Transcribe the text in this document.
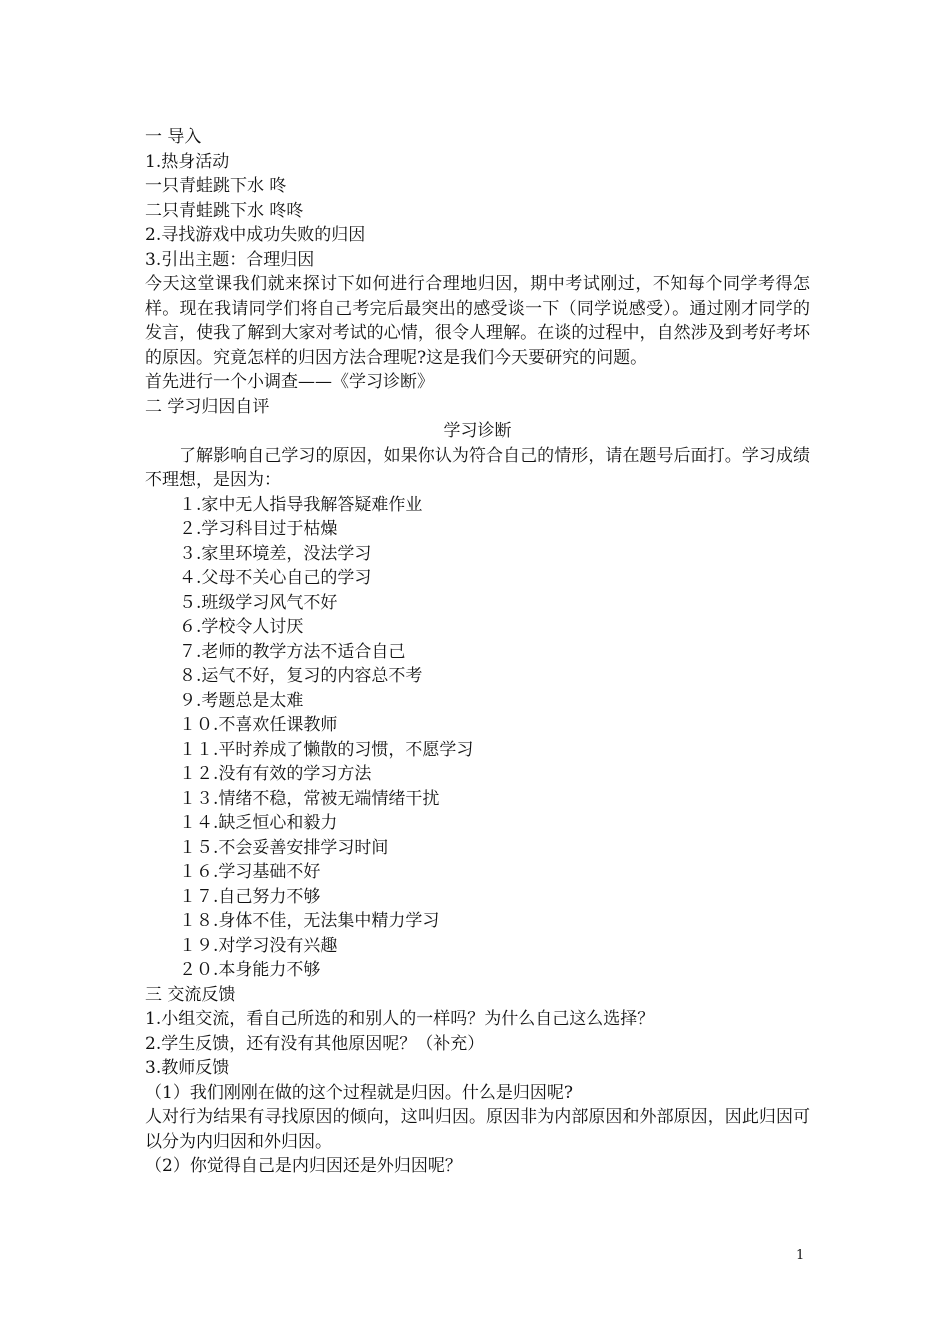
一 导入
1.热身活动
一只青蛙跳下水 咚
二只青蛙跳下水 咚咚
2.寻找游戏中成功失败的归因
3.引出主题：合理归因
今天这堂课我们就来探讨下如何进行合理地归因，期中考试刚过，不知每个同学考得怎样。现在我请同学们将自己考完后最突出的感受谈一下（同学说感受）。通过刚才同学的发言，使我了解到大家对考试的心情，很令人理解。在谈的过程中，自然涉及到考好考坏的原因。究竟怎样的归因方法合理呢?这是我们今天要研究的问题。
首先进行一个小调查——《学习诊断》
二 学习归因自评
学习诊断
了解影响自己学习的原因，如果你认为符合自己的情形，请在题号后面打。学习成绩不理想，是因为：
１.家中无人指导我解答疑难作业
２.学习科目过于枯燥
３.家里环境差，没法学习
４.父母不关心自己的学习
５.班级学习风气不好
６.学校令人讨厌
７.老师的教学方法不适合自己
８.运气不好，复习的内容总不考
９.考题总是太难
１０.不喜欢任课教师
１１.平时养成了懒散的习惯，不愿学习
１２.没有有效的学习方法
１３.情绪不稳，常被无端情绪干扰
１４.缺乏恒心和毅力
１５.不会妥善安排学习时间
１６.学习基础不好
１７.自己努力不够
１８.身体不佳，无法集中精力学习
１９.对学习没有兴趣
２０.本身能力不够
三 交流反馈
1.小组交流，看自己所选的和别人的一样吗？为什么自己这么选择？
2.学生反馈，还有没有其他原因呢？（补充）
3.教师反馈
（1）我们刚刚在做的这个过程就是归因。什么是归因呢?
人对行为结果有寻找原因的倾向，这叫归因。原因非为内部原因和外部原因，因此归因可以分为内归因和外归因。
（2）你觉得自己是内归因还是外归因呢？
1
